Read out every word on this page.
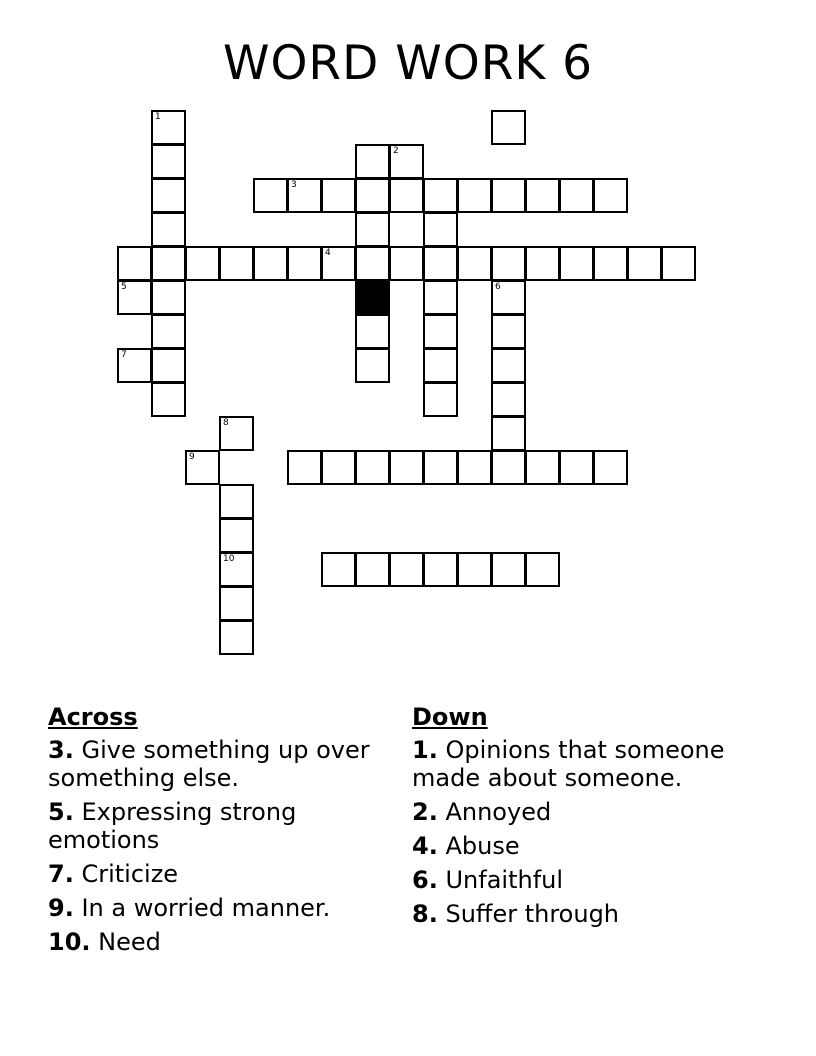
WORD WORK 6
1
3
4
8
10
2
5	6
7
9
Across
3. Give something up over something else.
5. Expressing strong emotions
7. Criticize
9. In a worried manner.
10. Need
Down
1. Opinions that someone made about someone.
2. Annoyed
4. Abuse
6. Unfaithful
8. Suffer through
